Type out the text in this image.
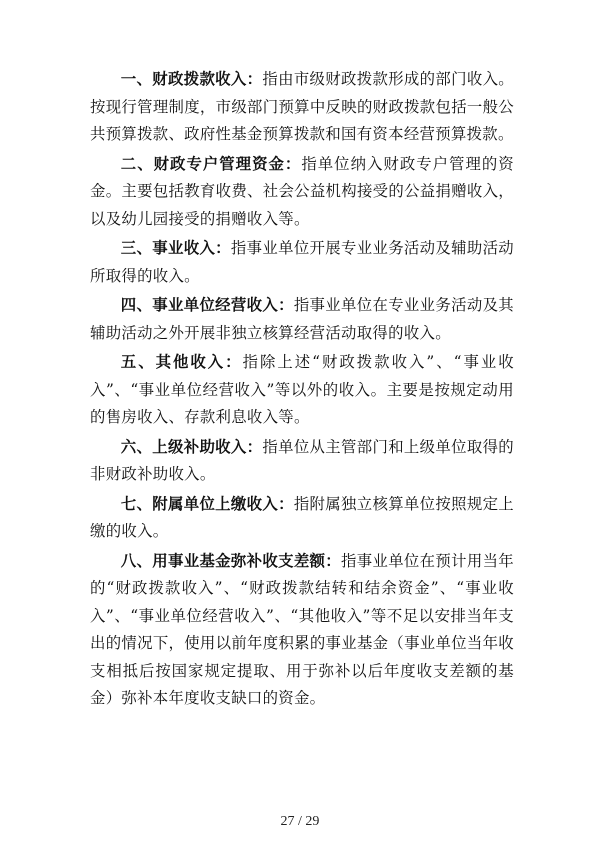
一、财政拨款收入：指由市级财政拨款形成的部门收入。按现行管理制度，市级部门预算中反映的财政拨款包括一般公共预算拨款、政府性基金预算拨款和国有资本经营预算拨款。

二、财政专户管理资金：指单位纳入财政专户管理的资金。主要包括教育收费、社会公益机构接受的公益捐赠收入，以及幼儿园接受的捐赠收入等。

三、事业收入：指事业单位开展专业业务活动及辅助活动所取得的收入。

四、事业单位经营收入：指事业单位在专业业务活动及其辅助活动之外开展非独立核算经营活动取得的收入。

五、其他收入：指除上述“财政拨款收入”、“事业收入”、“事业单位经营收入”等以外的收入。主要是按规定动用的售房收入、存款利息收入等。

六、上级补助收入：指单位从主管部门和上级单位取得的非财政补助收入。

七、附属单位上缴收入：指附属独立核算单位按照规定上缴的收入。

八、用事业基金弥补收支差额：指事业单位在预计用当年的“财政拨款收入”、“财政拨款结转和结余资金”、“事业收入”、“事业单位经营收入”、“其他收入”等不足以安排当年支出的情况下，使用以前年度积累的事业基金（事业单位当年收支相抵后按国家规定提取、用于弥补以后年度收支差额的基金）弥补本年度收支缺口的资金。

27 / 29
